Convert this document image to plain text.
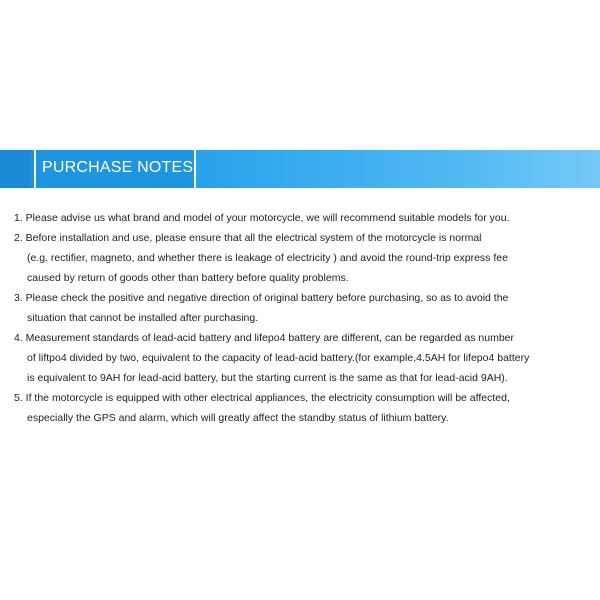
PURCHASE NOTES
1. Please advise us what brand and model of your motorcycle, we will recommend suitable models for you.
2. Before installation and use, please ensure that all the electrical system of the motorcycle is normal
(e.g. rectifier, magneto, and whether there is leakage of electricity ) and avoid the round-trip express fee
caused by return of goods other than battery before quality problems.
3. Please check the positive and negative direction of original battery before purchasing, so as to avoid the
situation that cannot be installed after purchasing.
4. Measurement standards of lead-acid battery and lifepo4 battery are different, can be regarded as number
of liftpo4 divided by two, equivalent to the capacity of lead-acid battery.(for example,4.5AH for lifepo4 battery
is equivalent to 9AH for lead-acid battery, but the starting current is the same as that for lead-acid 9AH).
5. If the motorcycle is equipped with other electrical appliances, the electricity consumption will be affected,
especially the GPS and alarm, which will greatly affect the standby status of lithium battery.
